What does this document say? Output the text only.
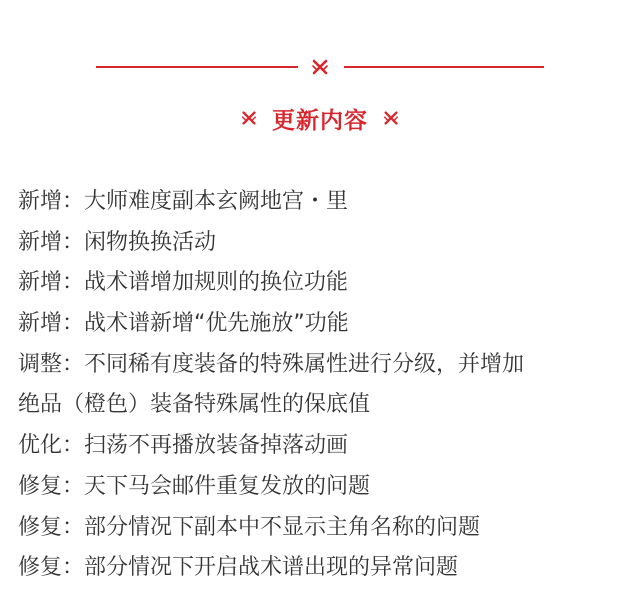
更新内容
新增：大师难度副本玄阙地宫・里
新增：闲物换换活动
新增：战术谱增加规则的换位功能
新增：战术谱新增“优先施放”功能
调整：不同稀有度装备的特殊属性进行分级，并增加
绝品（橙色）装备特殊属性的保底值
优化：扫荡不再播放装备掉落动画
修复：天下马会邮件重复发放的问题
修复：部分情况下副本中不显示主角名称的问题
修复：部分情况下开启战术谱出现的异常问题
